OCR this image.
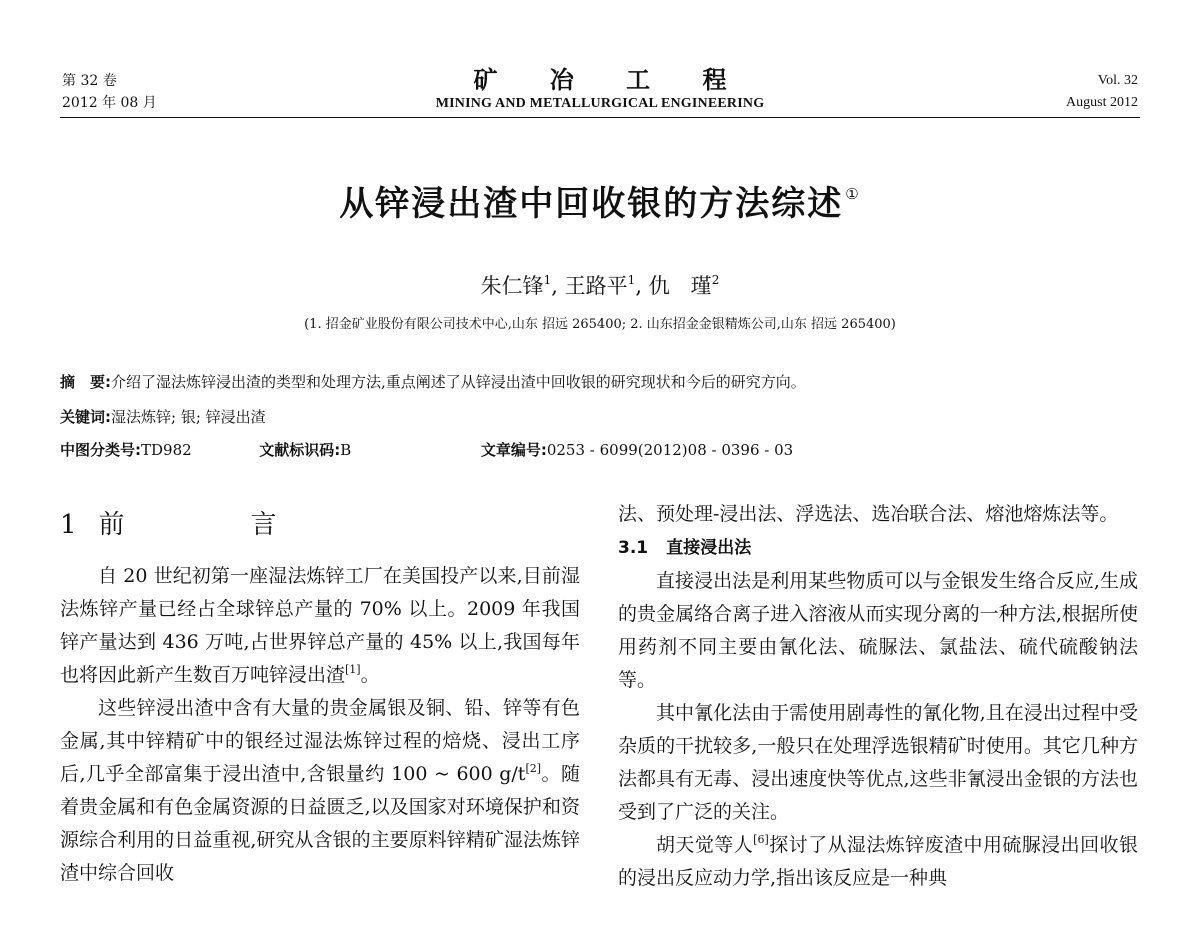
第 32 卷
2012 年 08 月
矿 冶 工 程
MINING AND METALLURGICAL ENGINEERING
Vol. 32
August 2012
从锌浸出渣中回收银的方法综述 ①
朱仁锋$^1$, 王路平$^1$, 仇　瑾$^2$
(1. 招金矿业股份有限公司技术中心,山东 招远 265400; 2. 山东招金金银精炼公司,山东 招远 265400)
摘　要:介绍了湿法炼锌浸出渣的类型和处理方法,重点阐述了从锌浸出渣中回收银的研究现状和今后的研究方向。
关键词:湿法炼锌; 银; 锌浸出渣
中图分类号:TD982	文献标识码:B	文章编号:0253 - 6099(2012)08 - 0396 - 03
1 前　言

自 20 世纪初第一座湿法炼锌工厂在美国投产以来,目前湿法炼锌产量已经占全球锌总产量的 70% 以上。2009 年我国锌产量达到 436 万吨,占世界锌总产量的 45% 以上,我国每年也将因此新产生数百万吨锌浸出渣[1]。

这些锌浸出渣中含有大量的贵金属银及铜、铅、锌等有色金属,其中锌精矿中的银经过湿法炼锌过程的焙烧、浸出工序后,几乎全部富集于浸出渣中,含银量约 100 ~ 600 g/t[2]。随着贵金属和有色金属资源的日益匮乏,以及国家对环境保护和资源综合利用的日益重视,研究从含银的主要原料锌精矿湿法炼锌渣中综合回收

法、预处理-浸出法、浮选法、选冶联合法、熔池熔炼法等。

3.1 直接浸出法

直接浸出法是利用某些物质可以与金银发生络合反应,生成的贵金属络合离子进入溶液从而实现分离的一种方法,根据所使用药剂不同主要由氰化法、硫脲法、氯盐法、硫代硫酸钠法等。

其中氰化法由于需使用剧毒性的氰化物,且在浸出过程中受杂质的干扰较多,一般只在处理浮选银精矿时使用。其它几种方法都具有无毒、浸出速度快等优点,这些非氰浸出金银的方法也受到了广泛的关注。

胡天觉等人[6]探讨了从湿法炼锌废渣中用硫脲浸出回收银的浸出反应动力学,指出该反应是一种典
